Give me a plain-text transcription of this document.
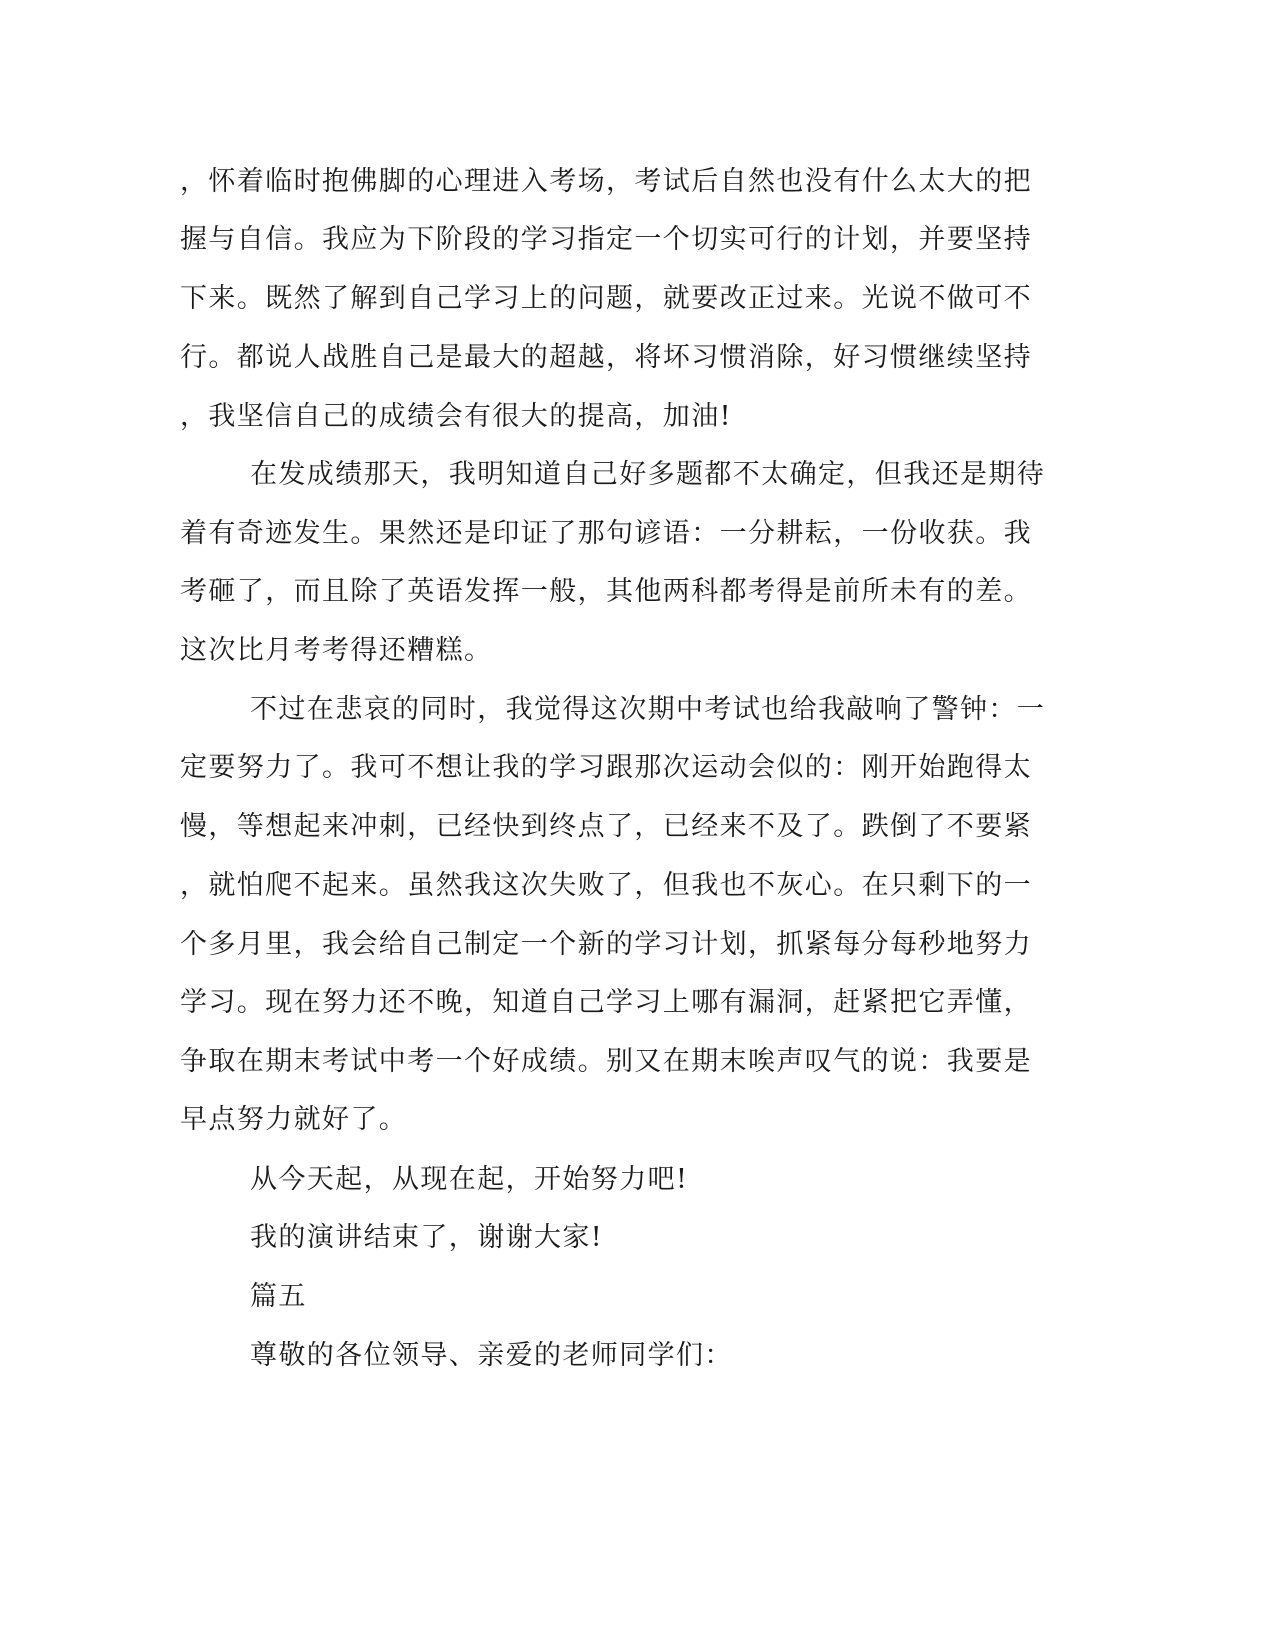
，怀着临时抱佛脚的心理进入考场，考试后自然也没有什么太大的把
握与自信。我应为下阶段的学习指定一个切实可行的计划，并要坚持
下来。既然了解到自己学习上的问题，就要改正过来。光说不做可不
行。都说人战胜自己是最大的超越，将坏习惯消除，好习惯继续坚持
，我坚信自己的成绩会有很大的提高，加油!
在发成绩那天，我明知道自己好多题都不太确定，但我还是期待
着有奇迹发生。果然还是印证了那句谚语：一分耕耘，一份收获。我
考砸了，而且除了英语发挥一般，其他两科都考得是前所未有的差。
这次比月考考得还糟糕。
不过在悲哀的同时，我觉得这次期中考试也给我敲响了警钟：一
定要努力了。我可不想让我的学习跟那次运动会似的：刚开始跑得太
慢，等想起来冲刺，已经快到终点了，已经来不及了。跌倒了不要紧
，就怕爬不起来。虽然我这次失败了，但我也不灰心。在只剩下的一
个多月里，我会给自己制定一个新的学习计划，抓紧每分每秒地努力
学习。现在努力还不晚，知道自己学习上哪有漏洞，赶紧把它弄懂，
争取在期末考试中考一个好成绩。别又在期末唉声叹气的说：我要是
早点努力就好了。
从今天起，从现在起，开始努力吧!
我的演讲结束了，谢谢大家!
篇五
尊敬的各位领导、亲爱的老师同学们：
